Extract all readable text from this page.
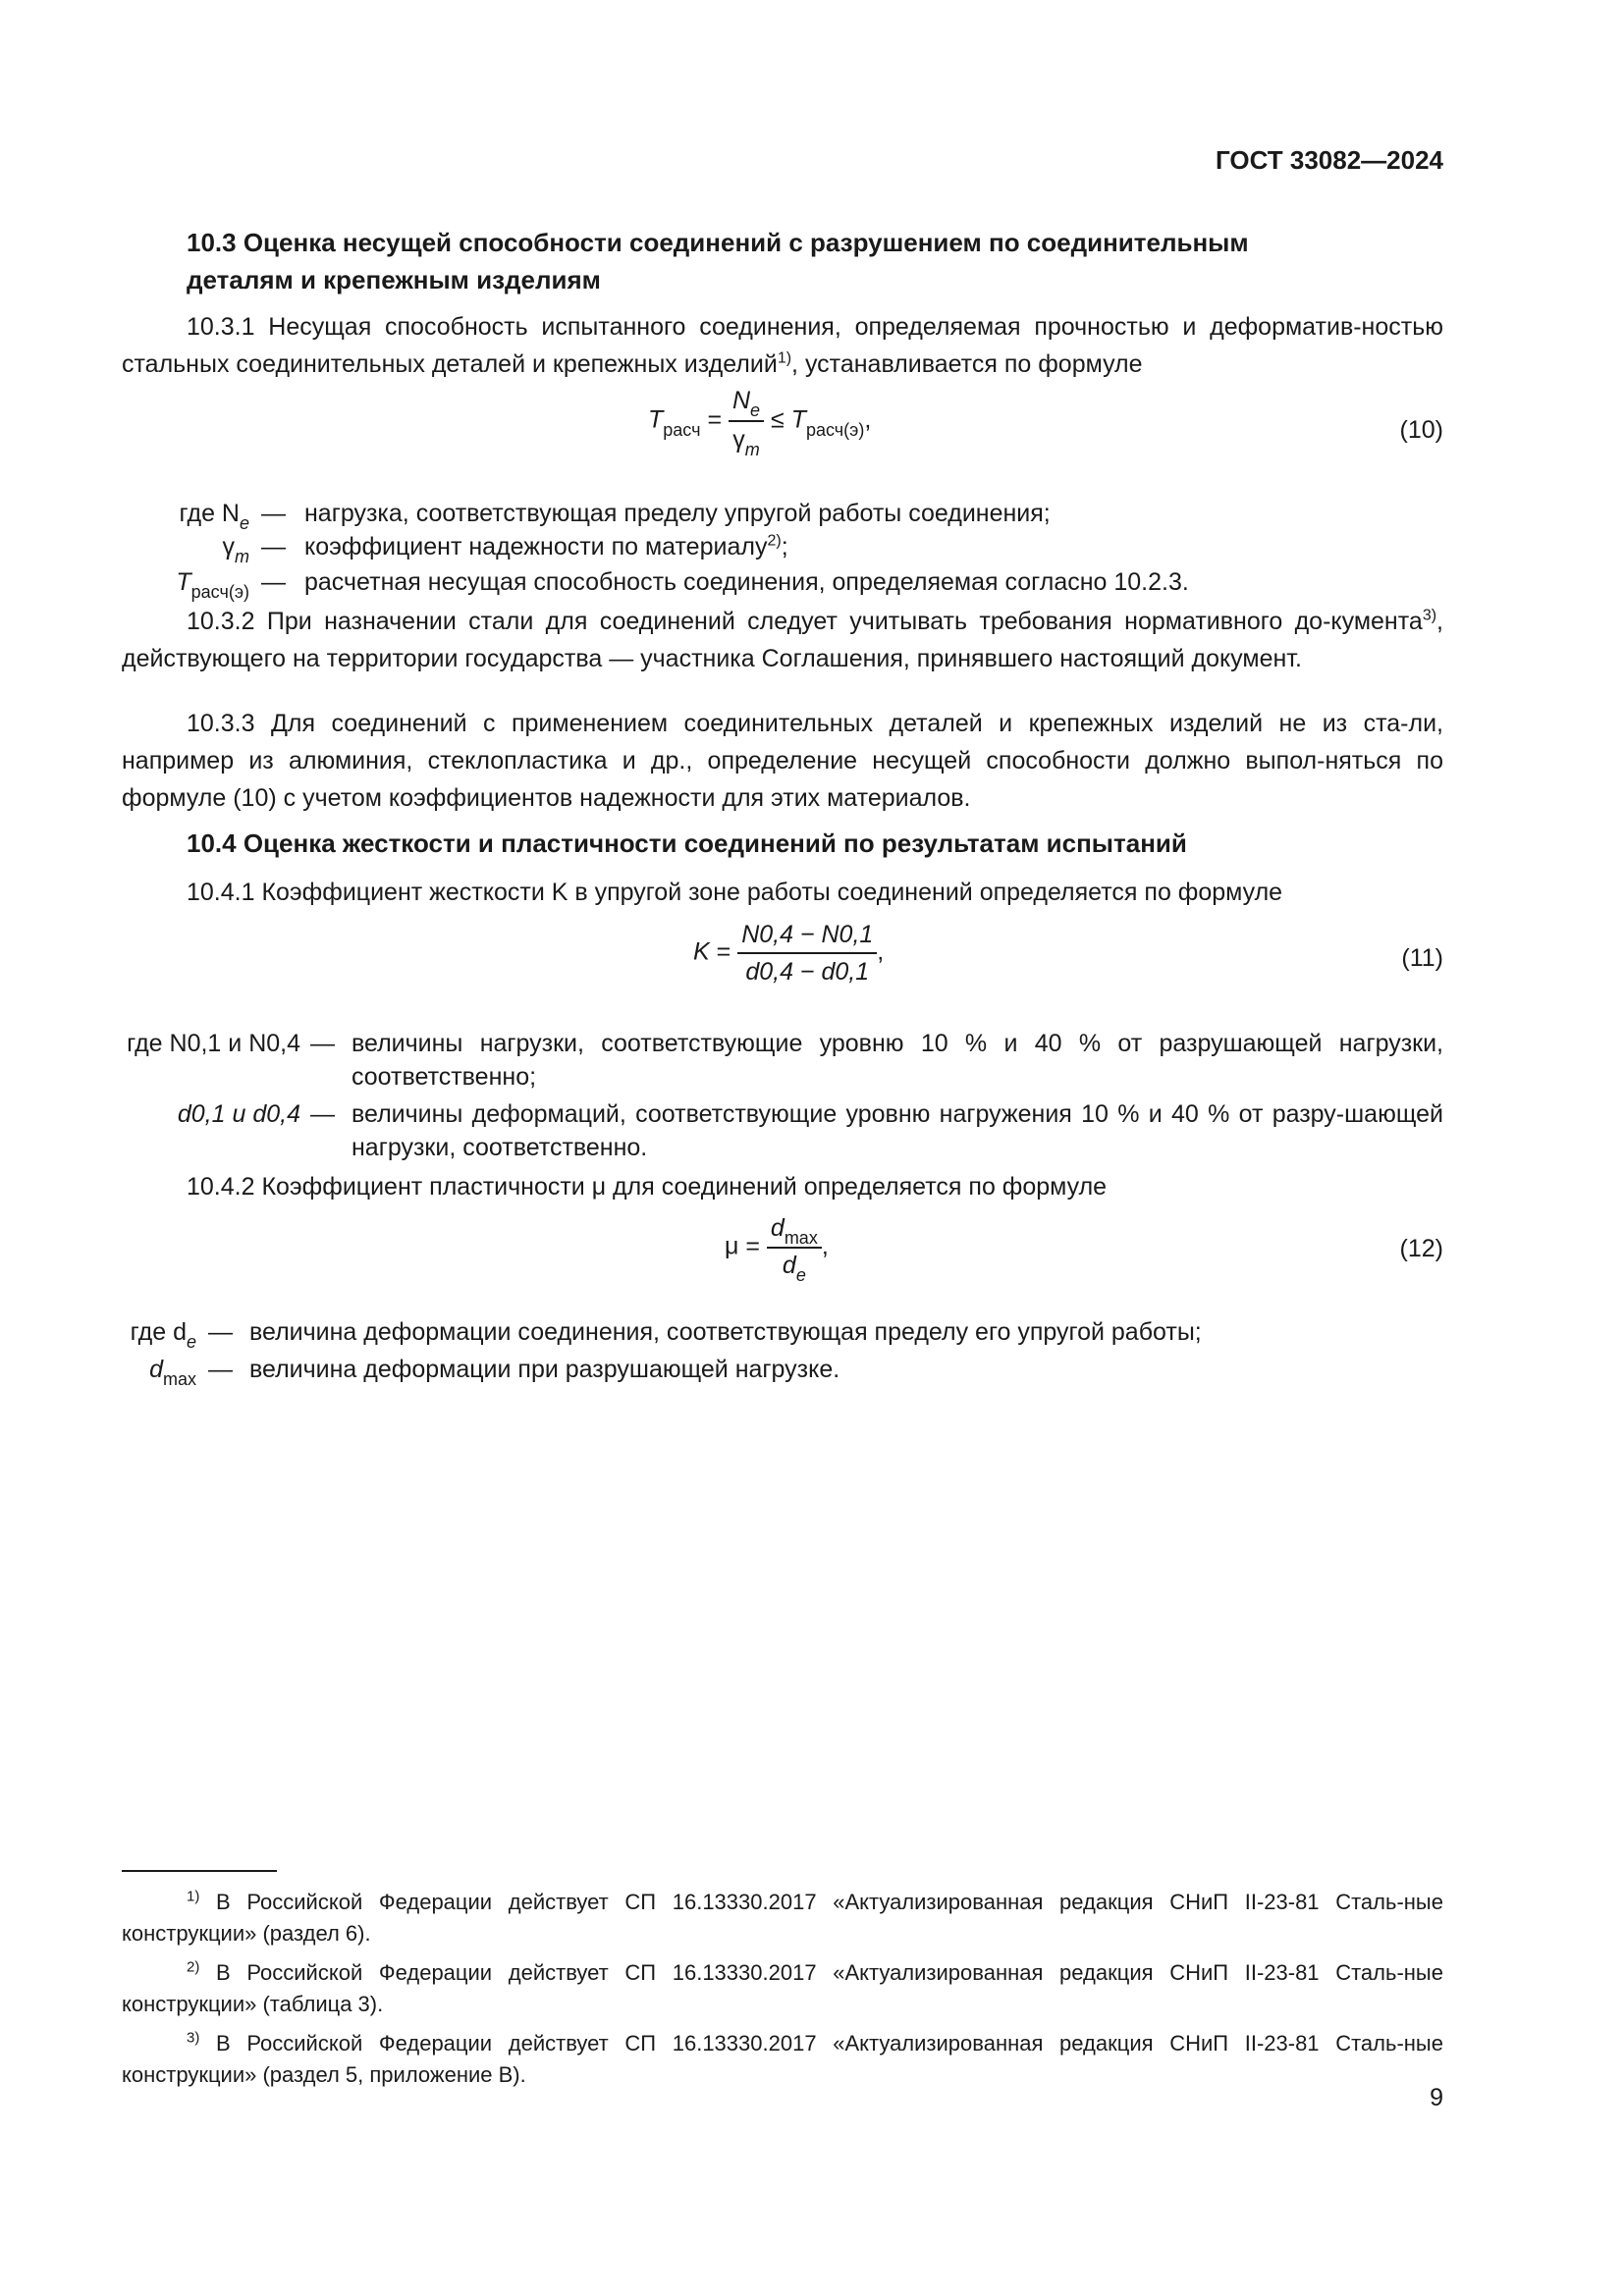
ГОСТ 33082—2024
10.3 Оценка несущей способности соединений с разрушением по соединительным
деталям и крепежным изделиям
10.3.1 Несущая способность испытанного соединения, определяемая прочностью и деформатив-ностью стальных соединительных деталей и крепежных изделий$^{1)}$, устанавливается по формуле
$T_{расч} = \frac{N_e}{\gamma_m} \le T_{расч(э)}$,	(10)
где $N_e$ — нагрузка, соответствующая пределу упругой работы соединения;
$\gamma_m$ — коэффициент надежности по материалу$^{2)}$;
$T_{расч(э)}$ — расчетная несущая способность соединения, определяемая согласно 10.2.3.
10.3.2 При назначении стали для соединений следует учитывать требования нормативного до-кумента$^{3)}$, действующего на территории государства — участника Соглашения, принявшего настоящий документ.
10.3.3 Для соединений с применением соединительных деталей и крепежных изделий не из ста-ли, например из алюминия, стеклопластика и др., определение несущей способности должно выпол-няться по формуле (10) с учетом коэффициентов надежности для этих материалов.
10.4 Оценка жесткости и пластичности соединений по результатам испытаний
10.4.1 Коэффициент жесткости K в упругой зоне работы соединений определяется по формуле
$K = \frac{N0,4 - N0,1}{d0,4 - d0,1}$ ,	(11)
где N0,1 и N0,4 — величины нагрузки, соответствующие уровню 10 % и 40 % от разрушающей нагрузки, соответственно;
d0,1 и d0,4 — величины деформаций, соответствующие уровню нагружения 10 % и 40 % от разру-шающей нагрузки, соответственно.
10.4.2 Коэффициент пластичности μ для соединений определяется по формуле
$\mu = \frac{d_{max}}{d_e}$ ,	(12)
где $d_e$ — величина деформации соединения, соответствующая пределу его упругой работы;
$d_{max}$ — величина деформации при разрушающей нагрузке.
$^{1)}$ В Российской Федерации действует СП 16.13330.2017 «Актуализированная редакция СНиП II-23-81 Сталь-ные конструкции» (раздел 6).
$^{2)}$ В Российской Федерации действует СП 16.13330.2017 «Актуализированная редакция СНиП II-23-81 Сталь-ные конструкции» (таблица 3).
$^{3)}$ В Российской Федерации действует СП 16.13330.2017 «Актуализированная редакция СНиП II-23-81 Сталь-ные конструкции» (раздел 5, приложение В).
9
